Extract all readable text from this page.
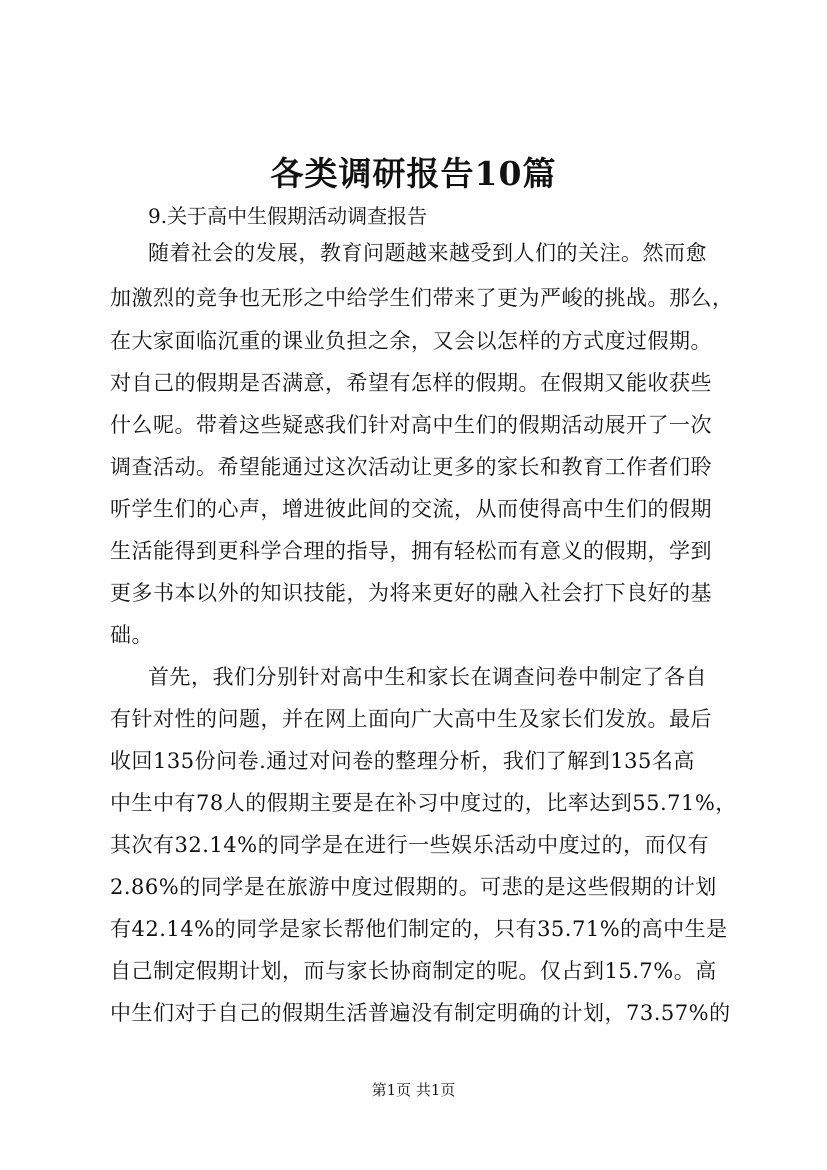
各类调研报告10篇

9.关于高中生假期活动调查报告

随着社会的发展，教育问题越来越受到人们的关注。然而愈
加激烈的竞争也无形之中给学生们带来了更为严峻的挑战。那么，
在大家面临沉重的课业负担之余，又会以怎样的方式度过假期。
对自己的假期是否满意，希望有怎样的假期。在假期又能收获些
什么呢。带着这些疑惑我们针对高中生们的假期活动展开了一次
调查活动。希望能通过这次活动让更多的家长和教育工作者们聆
听学生们的心声，增进彼此间的交流，从而使得高中生们的假期
生活能得到更科学合理的指导，拥有轻松而有意义的假期，学到
更多书本以外的知识技能，为将来更好的融入社会打下良好的基
础。
首先，我们分别针对高中生和家长在调查问卷中制定了各自
有针对性的问题，并在网上面向广大高中生及家长们发放。最后
收回135份问卷.通过对问卷的整理分析，我们了解到135名高
中生中有78人的假期主要是在补习中度过的，比率达到55.71%，
其次有32.14%的同学是在进行一些娱乐活动中度过的，而仅有
2.86%的同学是在旅游中度过假期的。可悲的是这些假期的计划
有42.14%的同学是家长帮他们制定的，只有35.71%的高中生是
自己制定假期计划，而与家长协商制定的呢。仅占到15.7%。高
中生们对于自己的假期生活普遍没有制定明确的计划，73.57%的
第1页 共1页
